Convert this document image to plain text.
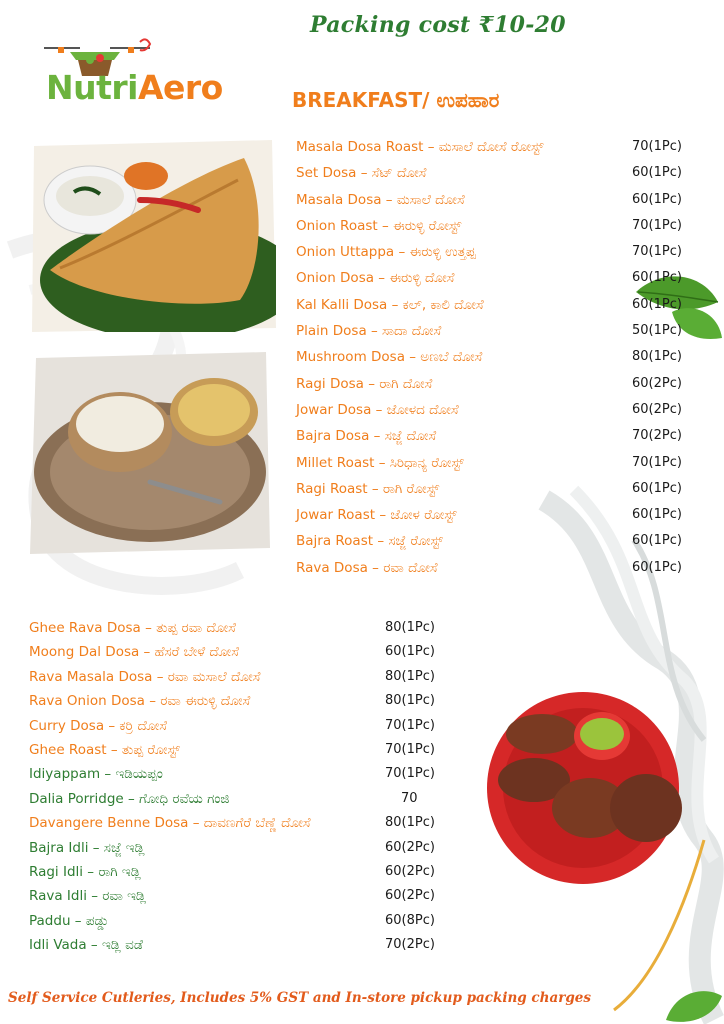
Packing cost ₹10-20
NutriAero	BREAKFAST/ ಉಪಹಾರ
Masala Dosa Roast – ಮಸಾಲೆ ದೋಸೆ ರೋಸ್ಟ್	70(1Pc)
Set Dosa – ಸೆಟ್ ದೋಸೆ	60(1Pc)
Masala Dosa – ಮಸಾಲೆ ದೋಸೆ	60(1Pc)
Onion Roast – ಈರುಳ್ಳಿ ರೋಸ್ಟ್	70(1Pc)
Onion Uttappa – ಈರುಳ್ಳಿ ಉತ್ತಪ್ಪ	70(1Pc)
Onion Dosa – ಈರುಳ್ಳಿ ದೋಸೆ	60(1Pc)
Kal Kalli Dosa – ಕಲ್, ಕಾಲಿ ದೋಸೆ	60(1Pc)
Plain Dosa – ಸಾದಾ ದೋಸೆ	50(1Pc)
Mushroom Dosa – ಅಣಬೆ ದೋಸೆ	80(1Pc)
Ragi Dosa – ರಾಗಿ ದೋಸೆ	60(2Pc)
Jowar Dosa – ಜೋಳದ ದೋಸೆ	60(2Pc)
Bajra Dosa – ಸಜ್ಜೆ ದೋಸೆ	70(2Pc)
Millet Roast – ಸಿರಿಧಾನ್ಯ ರೋಸ್ಟ್	70(1Pc)
Ragi Roast – ರಾಗಿ ರೋಸ್ಟ್	60(1Pc)
Jowar Roast – ಜೋಳ ರೋಸ್ಟ್	60(1Pc)
Bajra Roast – ಸಜ್ಜೆ ರೋಸ್ಟ್	60(1Pc)
Rava Dosa – ರವಾ ದೋಸೆ	60(1Pc)
Ghee Rava Dosa – ತುಪ್ಪ ರವಾ ದೋಸೆ	80(1Pc)
Moong Dal Dosa – ಹೆಸರೆ ಬೇಳೆ ದೋಸೆ	60(1Pc)
Rava Masala Dosa – ರವಾ ಮಸಾಲೆ ದೋಸೆ	80(1Pc)
Rava Onion Dosa – ರವಾ ಈರುಳ್ಳಿ ದೋಸೆ	80(1Pc)
Curry Dosa – ಕರ್ರಿ ದೋಸೆ	70(1Pc)
Ghee Roast – ತುಪ್ಪ ರೋಸ್ಟ್	70(1Pc)
Idiyappam – ಇಡಿಯಪ್ಪಂ	70(1Pc)
Dalia Porridge – ಗೋಧಿ ರವೆಯ ಗಂಜಿ	70
Davangere Benne Dosa – ದಾವಣಗೆರೆ ಬೆಣ್ಣೆ ದೋಸೆ	80(1Pc)
Bajra Idli – ಸಜ್ಜೆ ಇಡ್ಲಿ	60(2Pc)
Ragi Idli – ರಾಗಿ ಇಡ್ಲಿ	60(2Pc)
Rava Idli – ರವಾ ಇಡ್ಲಿ	60(2Pc)
Paddu – ಪಡ್ಡು	60(8Pc)
Idli Vada – ಇಡ್ಲಿ ವಡೆ	70(2Pc)
Self Service Cutleries, Includes 5% GST and In-store pickup packing charges
